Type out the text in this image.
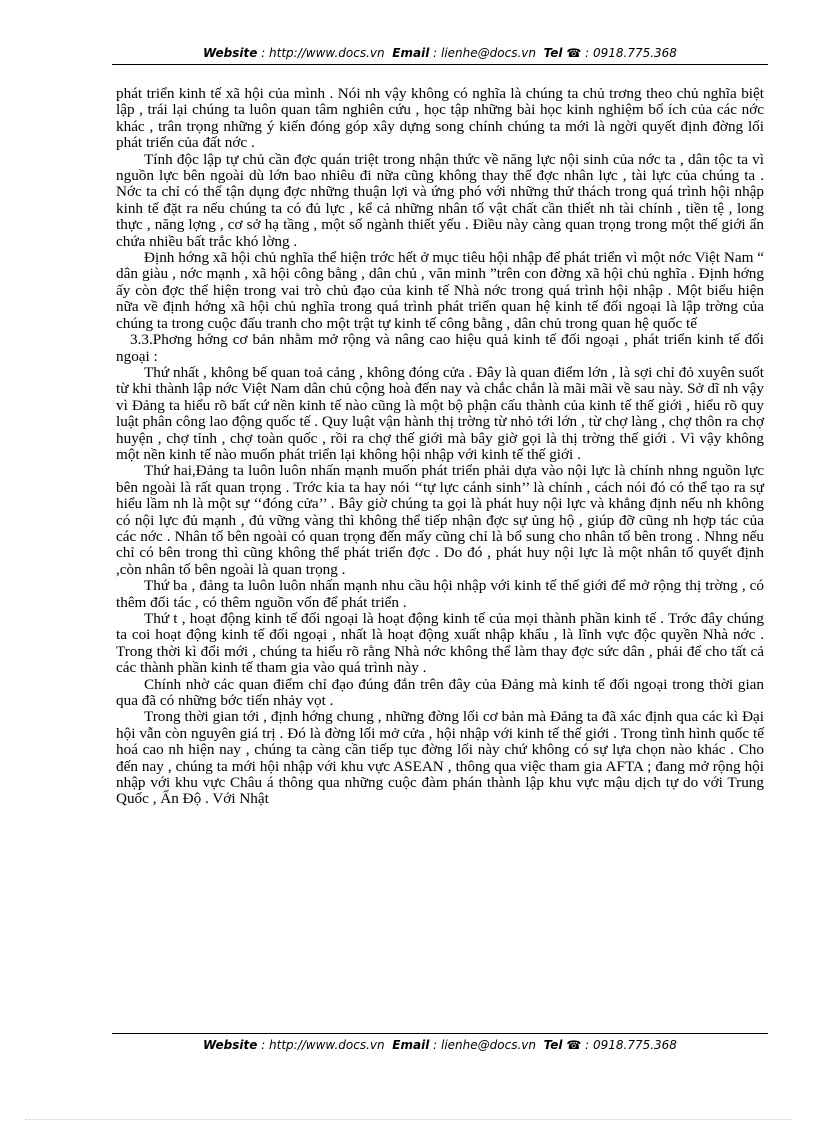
Website : http://www.docs.vn Email : lienhe@docs.vn Tel ☎ : 0918.775.368

phát triển kinh tế xã hội của mình . Nói nh vậy không có nghĩa là chúng ta chủ trơng theo chủ nghĩa biệt lập , trái lại chúng ta luôn quan tâm nghiên cứu , học tập những bài học kinh nghiệm bổ ích của các nớc khác , trân trọng những ý kiến đóng góp xây dựng song chính chúng ta mới là ngời quyết định đờng lối phát triển của đất nớc .

Tính độc lập tự chủ cần đợc quán triệt trong nhận thức về năng lực nội sinh của nớc ta , dân tộc ta vì nguồn lực bên ngoài dù lớn bao nhiêu đi nữa cũng không thay thế đợc nhân lực , tài lực của chúng ta . Nớc ta chỉ có thể tận dụng đợc những thuận lợi và ứng phó với những thử thách trong quá trình hội nhập kinh tế đặt ra nếu chúng ta có đủ lực , kể cả những nhân tố vật chất cần thiết nh tài chính , tiền tệ , long thực , năng lợng , cơ sở hạ tầng , một số ngành thiết yếu . Điều này càng quan trọng trong một thế giới ẩn chứa nhiều bất trắc khó lờng .

Định hớng xã hội chủ nghĩa thể hiện trớc hết ở mục tiêu hội nhập để phát triển vì một nớc Việt Nam “ dân giàu , nớc mạnh , xã hội công bằng , dân chủ , văn minh ”trên con đờng xã hội chủ nghĩa . Định hớng ấy còn đợc thể hiện trong vai trò chủ đạo của kinh tế Nhà nớc trong quá trình hội nhập . Một biểu hiện nữa về định hớng xã hội chủ nghĩa trong quá trình phát triển quan hệ kinh tế đối ngoại là lập trờng của chúng ta trong cuộc đấu tranh cho một trật tự kinh tế công bằng , dân chủ trong quan hệ quốc tế

3.3.Phơng hớng cơ bản nhằm mở rộng và nâng cao hiệu quả kinh tế đối ngoại , phát triển kinh tế đối ngoại :

Thứ nhất , không bế quan toả cảng , không đóng cửa . Đây là quan điểm lớn , là sợi chỉ đỏ xuyên suốt từ khi thành lập nớc Việt Nam dân chủ cộng hoà đến nay và chắc chắn là mãi mãi về sau này. Sở dĩ nh vậy vì Đảng ta hiểu rõ bất cứ nền kinh tế nào cũng là một bộ phận cấu thành của kinh tế thế giới , hiểu rõ quy luật phân công lao động quốc tế . Quy luật vận hành thị trờng từ nhỏ tới lớn , từ chợ làng , chợ thôn ra chợ huyện , chợ tỉnh , chợ toàn quốc , rồi ra chợ thế giới mà bây giờ gọi là thị trờng thế giới . Vì vậy không một nền kinh tế nào muốn phát triển lại không hội nhập với kinh tế thế giới .

Thứ hai,Đảng ta luôn luôn nhấn mạnh muốn phát triển phải dựa vào nội lực là chính nhng nguồn lực bên ngoài là rất quan trọng . Trớc kia ta hay nói ‘‘tự lực cánh sinh’’ là chính , cách nói đó có thể tạo ra sự hiểu lầm nh là một sự ‘‘đóng cửa’’ . Bây giờ chúng ta gọi là phát huy nội lực và khẳng định nếu nh không có nội lực đủ mạnh , đủ vững vàng thì không thể tiếp nhận đợc sự ủng hộ , giúp đỡ cũng nh hợp tác của các nớc . Nhân tố bên ngoài có quan trọng đến mấy cũng chỉ là bổ sung cho nhân tố bên trong . Nhng nếu chỉ có bên trong thì cũng không thể phát triển đợc . Do đó , phát huy nội lực là một nhân tố quyết định ,còn nhân tố bên ngoài là quan trọng .

Thứ ba , đảng ta luôn luôn nhấn mạnh nhu cầu hội nhập với kinh tế thế giới để mở rộng thị trờng , có thêm đối tác , có thêm nguồn vốn để phát triển .

Thứ t , hoạt động kinh tế đối ngoại là hoạt động kinh tế của mọi thành phần kinh tế . Trớc đây chúng ta coi hoạt động kinh tế đối ngoại , nhất là hoạt động xuất nhập khẩu , là lĩnh vực độc quyền Nhà nớc . Trong thời kì đổi mới , chúng ta hiểu rõ rằng Nhà nớc không thể làm thay đợc sức dân , phải để cho tất cả các thành phần kinh tế tham gia vào quá trình này .

Chính nhờ các quan điểm chỉ đạo đúng đắn trên đây của Đảng mà kinh tế đối ngoại trong thời gian qua đã có những bớc tiến nhảy vọt .

Trong thời gian tới , định hớng chung , những đờng lối cơ bản mà Đảng ta đã xác định qua các kì Đại hội vẫn còn nguyên giá trị . Đó là đờng lối mở cửa , hội nhập với kinh tế thế giới . Trong tình hình quốc tế hoá cao nh hiện nay , chúng ta càng cần tiếp tục đờng lối này chứ không có sự lựa chọn nào khác . Cho đến nay , chúng ta mới hội nhập với khu vực ASEAN , thông qua việc tham gia AFTA ; đang mở rộng hội nhập với khu vực Châu á thông qua những cuộc đàm phán thành lập khu vực mậu dịch tự do với Trung Quốc , Ấn Độ . Với Nhật

Website : http://www.docs.vn Email : lienhe@docs.vn Tel ☎ : 0918.775.368
